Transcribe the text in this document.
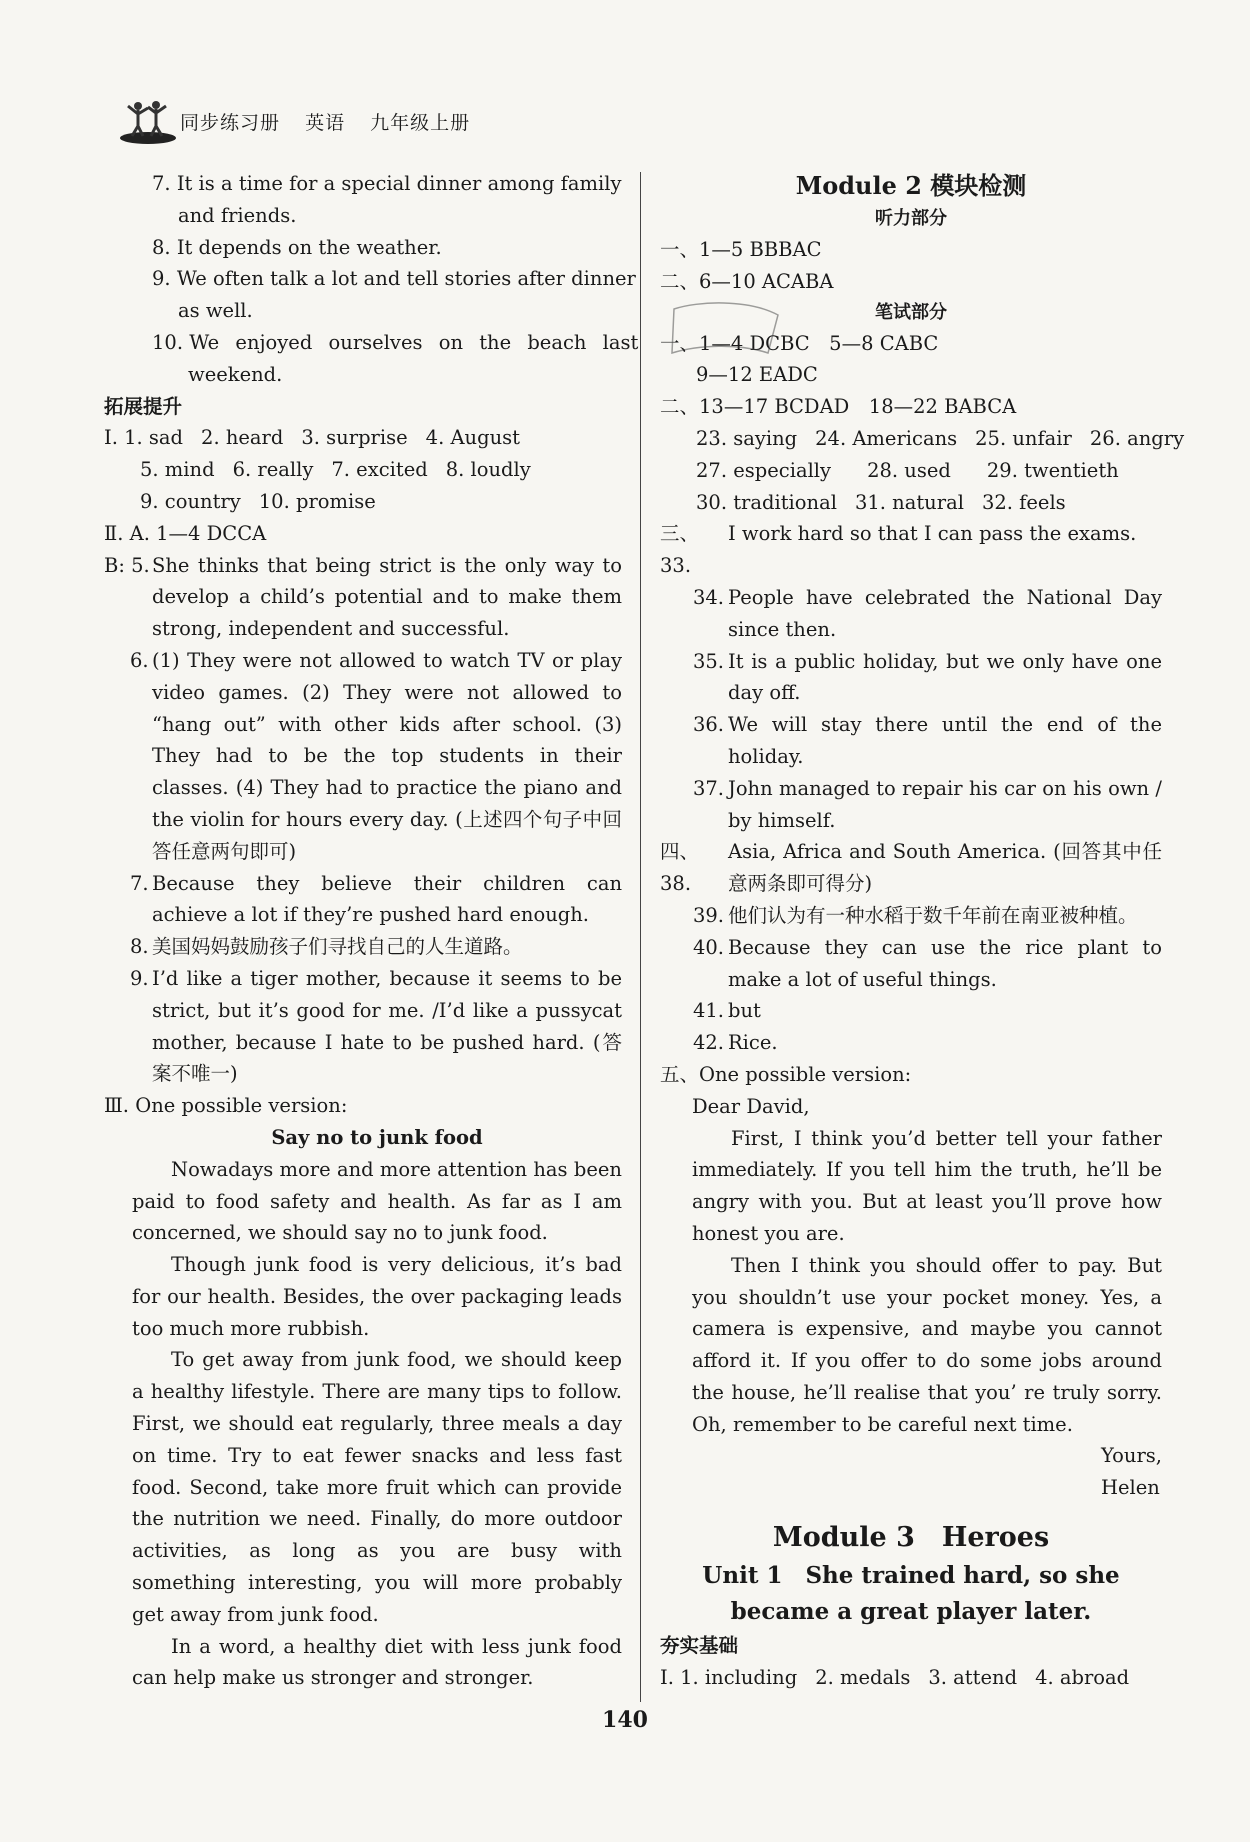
同步练习册 英语 九年级上册
7. It is a time for a special dinner among family
and friends.
8. It depends on the weather.
9. We often talk a lot and tell stories after dinner
as well.
10. We enjoyed ourselves on the beach last
weekend.
拓展提升
Ⅰ. 1. sad 2. heard 3. surprise 4. August
5. mind 6. really 7. excited 8. loudly
9. country 10. promise
Ⅱ. A. 1—4 DCCA
B: 5. She thinks that being strict is the only way to develop a child’s potential and to make them strong, independent and successful.
6. (1) They were not allowed to watch TV or play video games. (2) They were not allowed to “hang out” with other kids after school. (3) They had to be the top students in their classes. (4) They had to practice the piano and the violin for hours every day. (上述四个句子中回答任意两句即可)
7. Because they believe their children can achieve a lot if they’re pushed hard enough.
8. 美国妈妈鼓励孩子们寻找自己的人生道路。
9. I’d like a tiger mother, because it seems to be strict, but it’s good for me. /I’d like a pussycat mother, because I hate to be pushed hard. (答案不唯一)
Ⅲ. One possible version:
Say no to junk food
Nowadays more and more attention has been paid to food safety and health. As far as I am concerned, we should say no to junk food.
Though junk food is very delicious, it’s bad for our health. Besides, the over packaging leads too much more rubbish.
To get away from junk food, we should keep a healthy lifestyle. There are many tips to follow. First, we should eat regularly, three meals a day on time. Try to eat fewer snacks and less fast food. Second, take more fruit which can provide the nutrition we need. Finally, do more outdoor activities, as long as you are busy with something interesting, you will more probably get away from junk food.
In a word, a healthy diet with less junk food can help make us stronger and stronger.
Module 2 模块检测
听力部分
一、1—5 BBBAC
二、6—10 ACABA
笔试部分
一、1—4 DCBC　5—8 CABC
9—12 EADC
二、13—17 BCDAD　18—22 BABCA
23. saying 24. Americans 25. unfair 26. angry
27. especially 28. used 29. twentieth
30. traditional 31. natural 32. feels
三、33.
I work hard so that I can pass the exams.
34. People have celebrated the National Day since then.
35. It is a public holiday, but we only have one day off.
36. We will stay there until the end of the holiday.
37. John managed to repair his car on his own / by himself.
四、38.
Asia, Africa and South America. (回答其中任意两条即可得分)
39. 他们认为有一种水稻于数千年前在南亚被种植。
40. Because they can use the rice plant to make a lot of useful things.
41. but
42. Rice.
五、One possible version:
Dear David,
First, I think you’d better tell your father immediately. If you tell him the truth, he’ll be angry with you. But at least you’ll prove how honest you are.
Then I think you should offer to pay. But you shouldn’t use your pocket money. Yes, a camera is expensive, and maybe you cannot afford it. If you offer to do some jobs around the house, he’ll realise that you’ re truly sorry. Oh, remember to be careful next time.
Yours,
Helen
Module 3　Heroes
Unit 1　She trained hard, so she
became a great player later.
夯实基础
Ⅰ. 1. including 2. medals 3. attend 4. abroad
140
